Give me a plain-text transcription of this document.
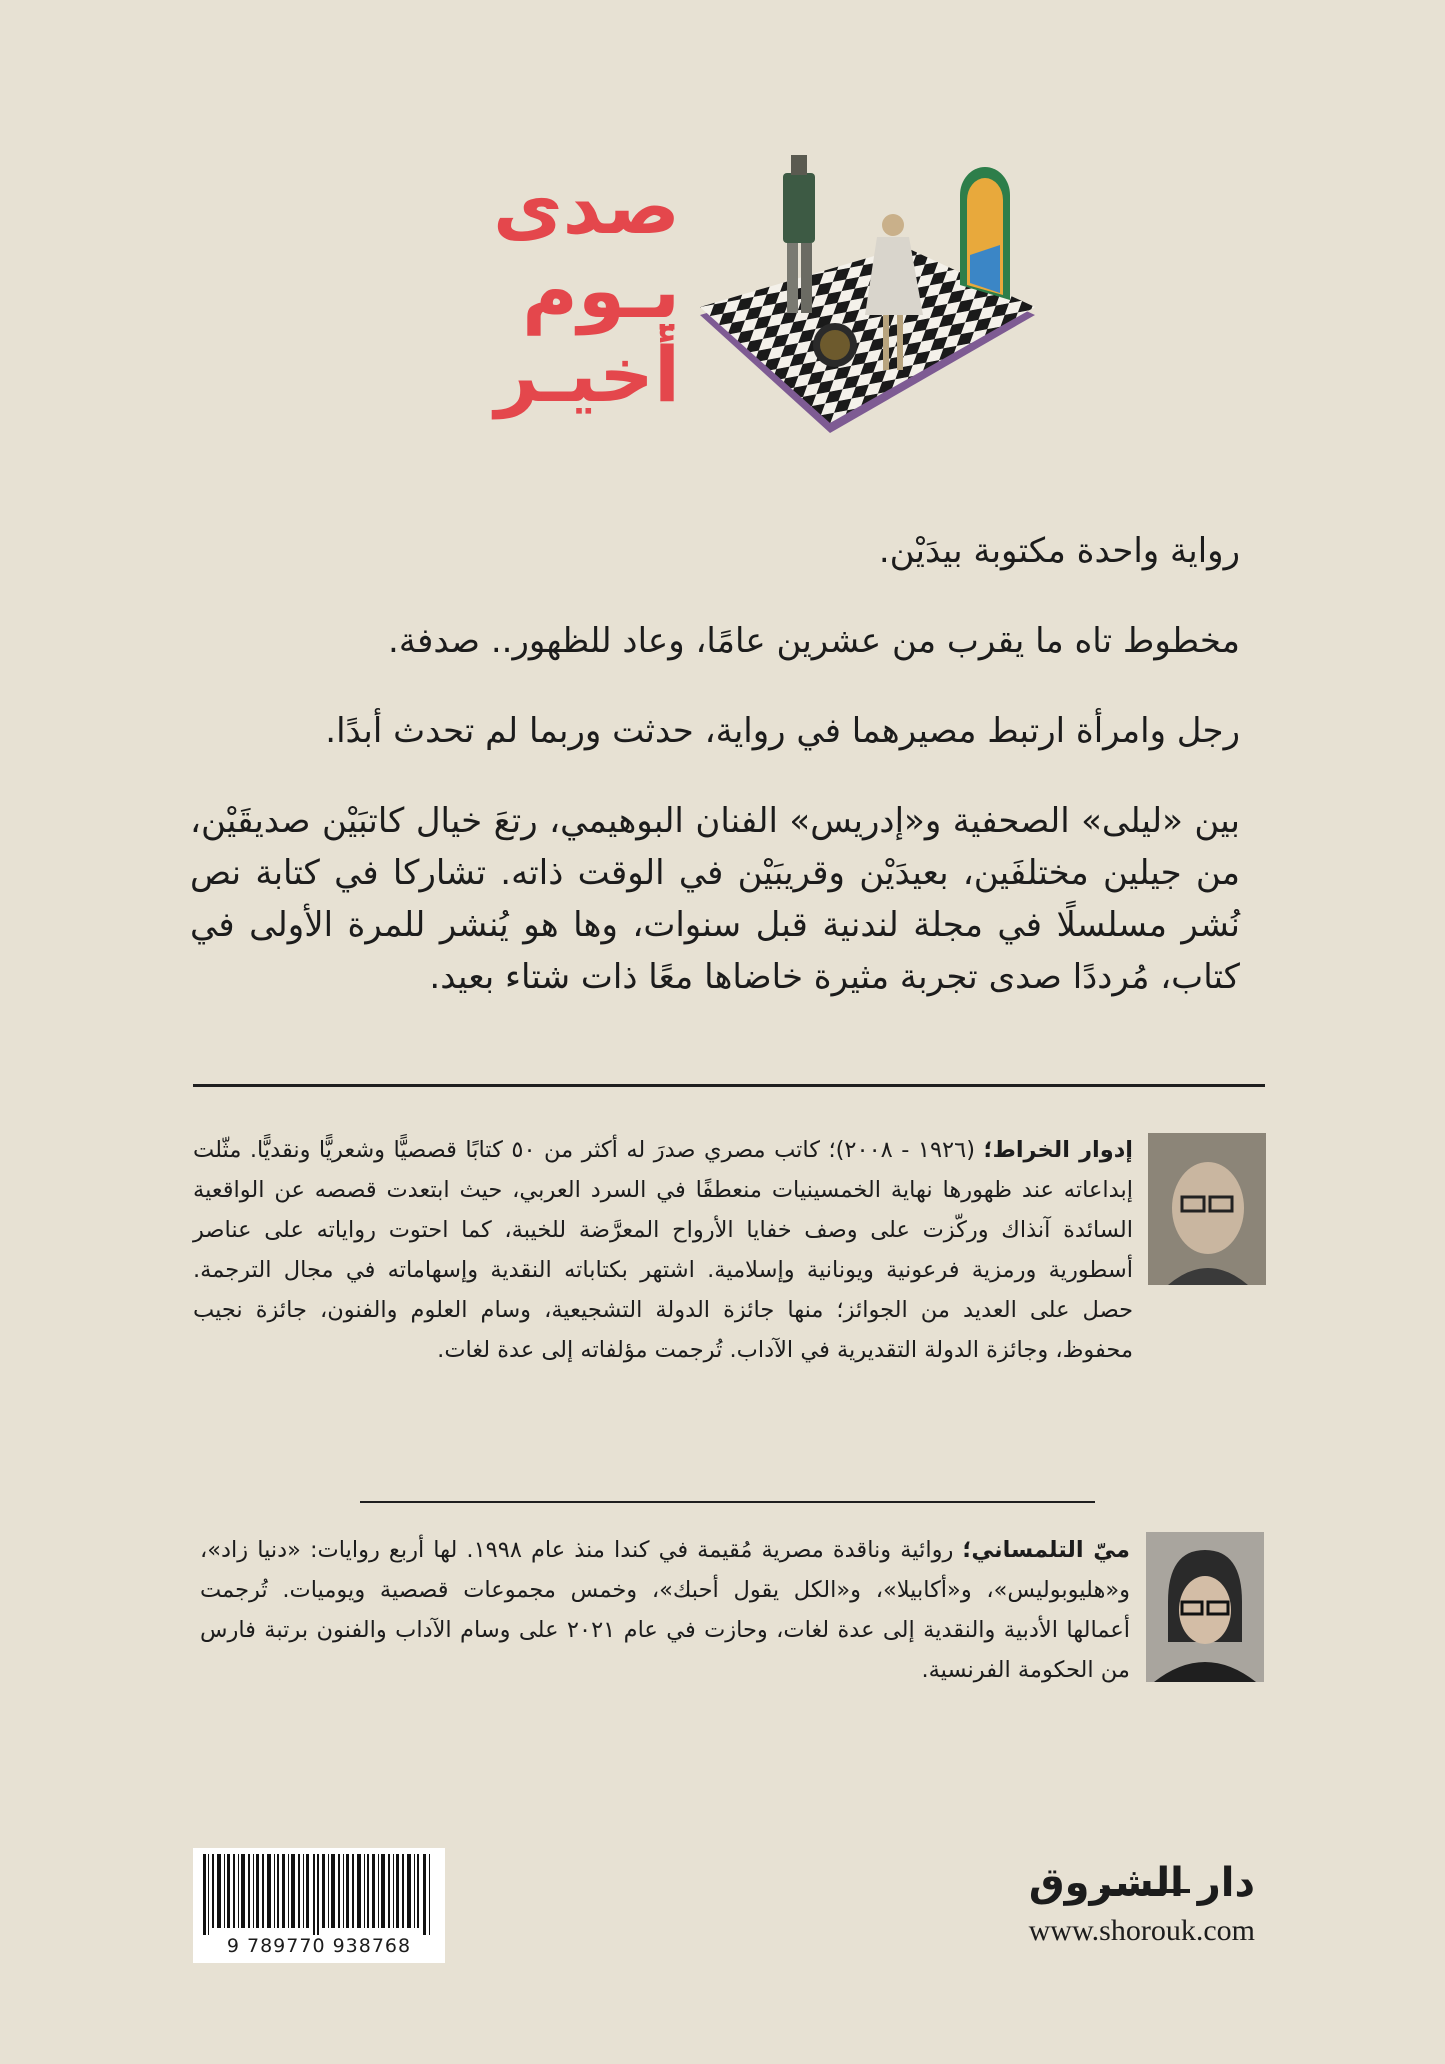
صدى
يـوم
أخيـر

رواية واحدة مكتوبة بيدَيْن.

مخطوط تاه ما يقرب من عشرين عامًا، وعاد للظهور.. صدفة.

رجل وامرأة ارتبط مصيرهما في رواية، حدثت وربما لم تحدث أبدًا.

بين «ليلى» الصحفية و«إدريس» الفنان البوهيمي، رتعَ خيال كاتبَيْن صديقَيْن، من جيلين مختلفَين، بعيدَيْن وقريبَيْن في الوقت ذاته. تشاركا في كتابة نص نُشر مسلسلًا في مجلة لندنية قبل سنوات، وها هو يُنشر للمرة الأولى في كتاب، مُرددًا صدى تجربة مثيرة خاضاها معًا ذات شتاء بعيد.

إدوار الخراط؛ (١٩٢٦ - ٢٠٠٨)؛ كاتب مصري صدرَ له أكثر من ٥٠ كتابًا قصصيًّا وشعريًّا ونقديًّا. مثّلت إبداعاته عند ظهورها نهاية الخمسينيات منعطفًا في السرد العربي، حيث ابتعدت قصصه عن الواقعية السائدة آنذاك وركّزت على وصف خفايا الأرواح المعرَّضة للخيبة، كما احتوت رواياته على عناصر أسطورية ورمزية فرعونية ويونانية وإسلامية. اشتهر بكتاباته النقدية وإسهاماته في مجال الترجمة. حصل على العديد من الجوائز؛ منها جائزة الدولة التشجيعية، وسام العلوم والفنون، جائزة نجيب محفوظ، وجائزة الدولة التقديرية في الآداب. تُرجمت مؤلفاته إلى عدة لغات.
ميّ التلمساني؛ روائية وناقدة مصرية مُقيمة في كندا منذ عام ١٩٩٨. لها أربع روايات: «دنيا زاد»، و«هليوبوليس»، و«أكابيلا»، و«الكل يقول أحبك»، وخمس مجموعات قصصية ويوميات. تُرجمت أعمالها الأدبية والنقدية إلى عدة لغات، وحازت في عام ٢٠٢١ على وسام الآداب والفنون برتبة فارس من الحكومة الفرنسية.
9 789770 938768
دار الشروق
www.shorouk.com
